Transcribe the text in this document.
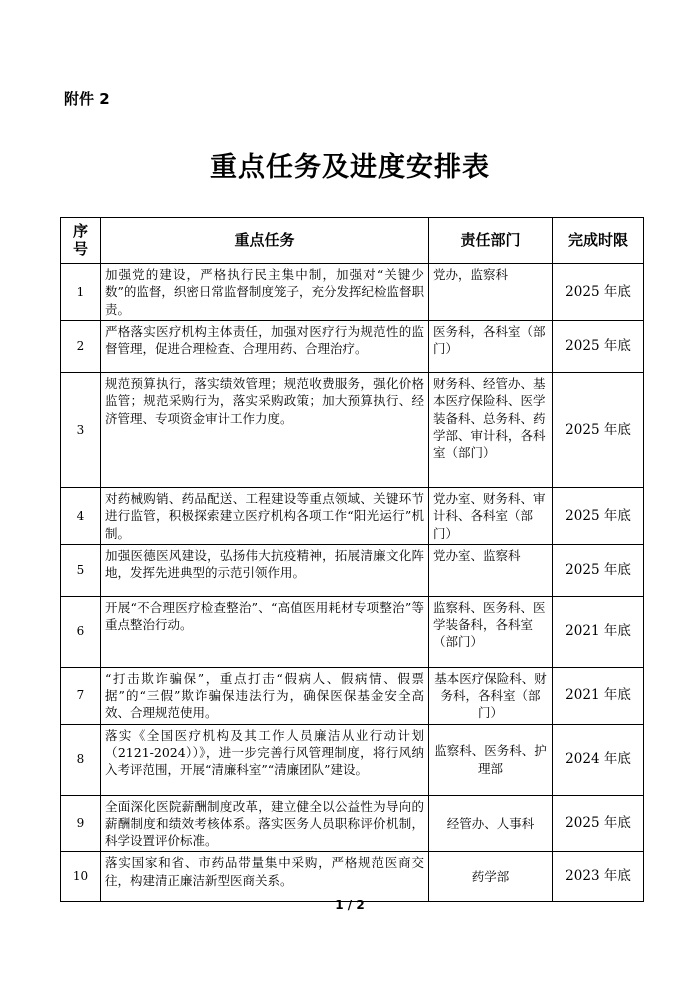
附件 2
重点任务及进度安排表
序号	重点任务	责任部门	完成时限
1	加强党的建设，严格执行民主集中制，加强对“关键少数”的监督，织密日常监督制度笼子，充分发挥纪检监督职责。	党办，监察科	2025 年底
2	严格落实医疗机构主体责任，加强对医疗行为规范性的监督管理，促进合理检查、合理用药、合理治疗。	医务科，各科室（部门）	2025 年底
3	规范预算执行，落实绩效管理；规范收费服务，强化价格监管；规范采购行为，落实采购政策；加大预算执行、经济管理、专项资金审计工作力度。	财务科、经管办、基本医疗保险科、医学装备科、总务科、药学部、审计科，各科室（部门）	2025 年底
4	对药械购销、药品配送、工程建设等重点领域、关键环节进行监管，积极探索建立医疗机构各项工作“阳光运行”机制。	党办室、财务科、审计科、各科室（部门）	2025 年底
5	加强医德医风建设，弘扬伟大抗疫精神，拓展清廉文化阵地，发挥先进典型的示范引领作用。	党办室、监察科	2025 年底
6	开展“不合理医疗检查整治”、“高值医用耗材专项整治”等重点整治行动。	监察科、医务科、医学装备科，各科室（部门）	2021 年底
7	“打击欺诈骗保”，重点打击“假病人、假病情、假票据”的“三假”欺诈骗保违法行为，确保医保基金安全高效、合理规范使用。	基本医疗保险科、财务科，各科室（部门）	2021 年底
8	落实《全国医疗机构及其工作人员廉洁从业行动计划（2121-2024））》，进一步完善行风管理制度，将行风纳入考评范围，开展“清廉科室”“清廉团队”建设。	监察科、医务科、护理部	2024 年底
9	全面深化医院薪酬制度改革，建立健全以公益性为导向的薪酬制度和绩效考核体系。落实医务人员职称评价机制，科学设置评价标准。	经管办、人事科	2025 年底
10	落实国家和省、市药品带量集中采购，严格规范医商交往，构建清正廉洁新型医商关系。	药学部	2023 年底
1 / 2
